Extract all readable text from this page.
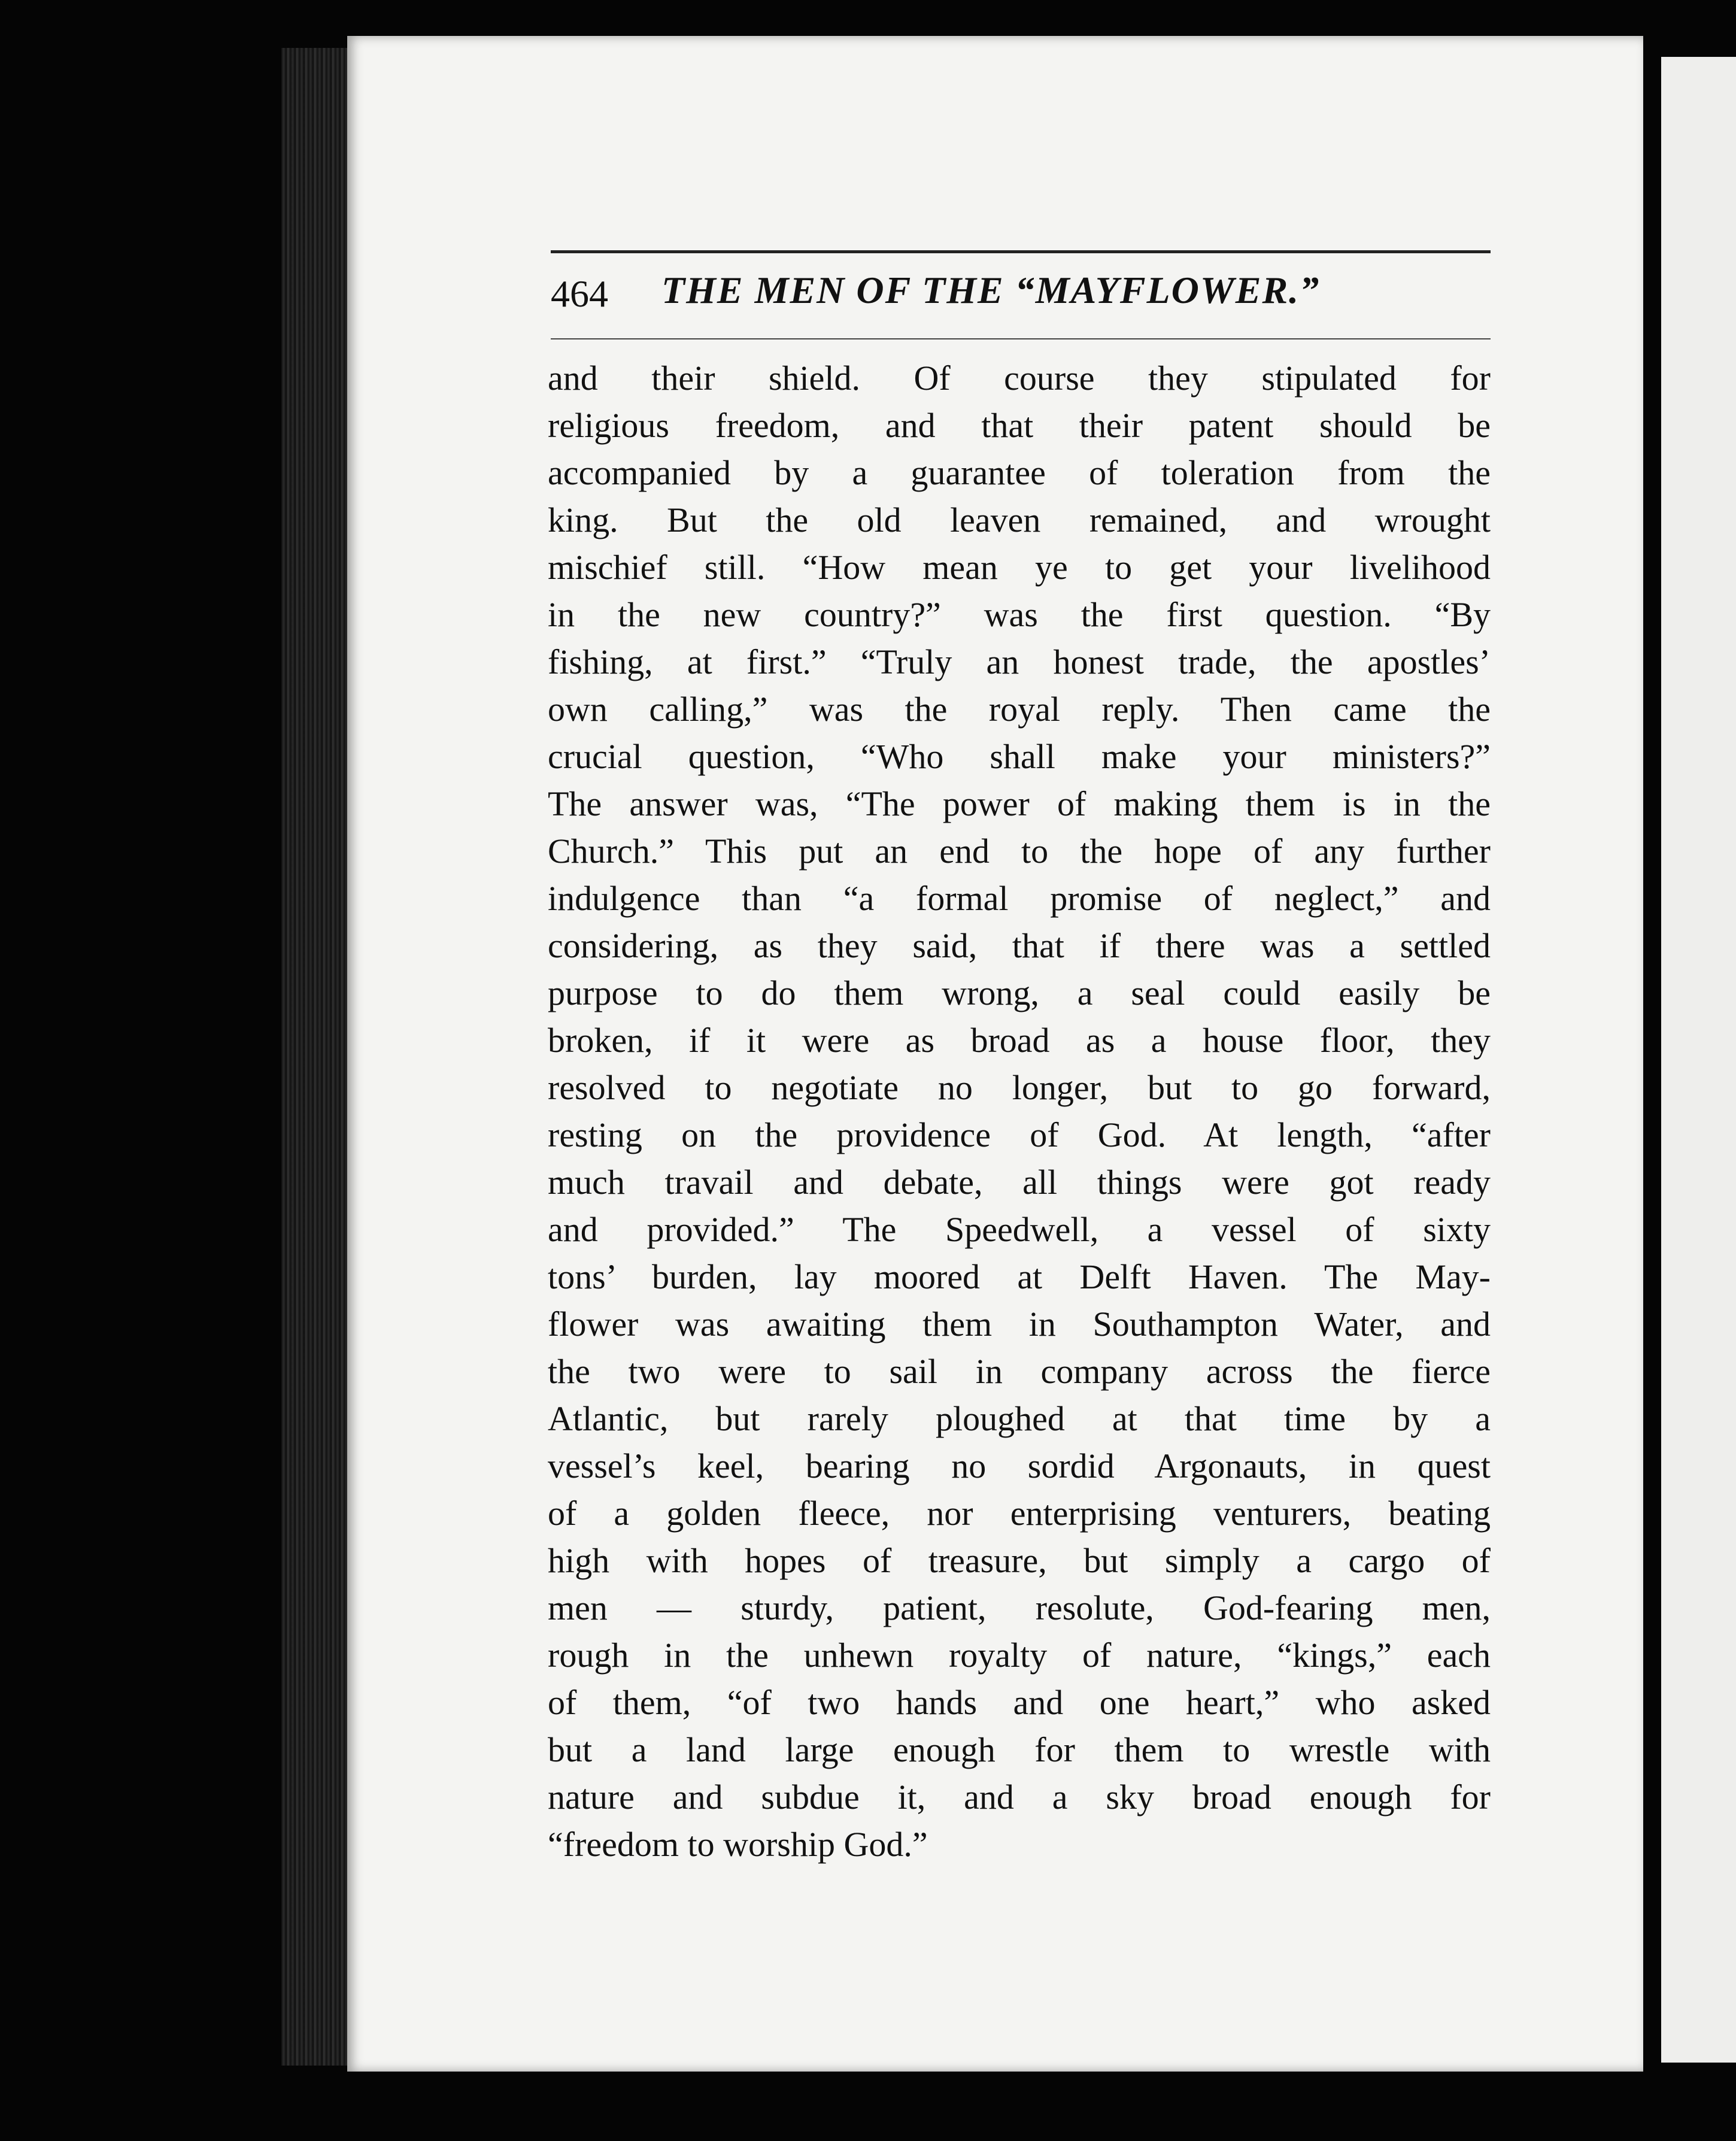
464 THE MEN OF THE “MAYFLOWER.”
and their shield. Of course they stipulated for
religious freedom, and that their patent should be
accompanied by a guarantee of toleration from the
king. But the old leaven remained, and wrought
mischief still. “How mean ye to get your livelihood
in the new country?” was the first question. “By
fishing, at first.” “Truly an honest trade, the apostles’
own calling,” was the royal reply. Then came the
crucial question, “Who shall make your ministers?”
The answer was, “The power of making them is in the
Church.” This put an end to the hope of any further
indulgence than “a formal promise of neglect,” and
considering, as they said, that if there was a settled
purpose to do them wrong, a seal could easily be
broken, if it were as broad as a house floor, they
resolved to negotiate no longer, but to go forward,
resting on the providence of God. At length, “after
much travail and debate, all things were got ready
and provided.” The Speedwell, a vessel of sixty
tons’ burden, lay moored at Delft Haven. The May-
flower was awaiting them in Southampton Water, and
the two were to sail in company across the fierce
Atlantic, but rarely ploughed at that time by a
vessel’s keel, bearing no sordid Argonauts, in quest
of a golden fleece, nor enterprising venturers, beating
high with hopes of treasure, but simply a cargo of
men — sturdy, patient, resolute, God-fearing men,
rough in the unhewn royalty of nature, “kings,” each
of them, “of two hands and one heart,” who asked
but a land large enough for them to wrestle with
nature and subdue it, and a sky broad enough for
“freedom to worship God.”
